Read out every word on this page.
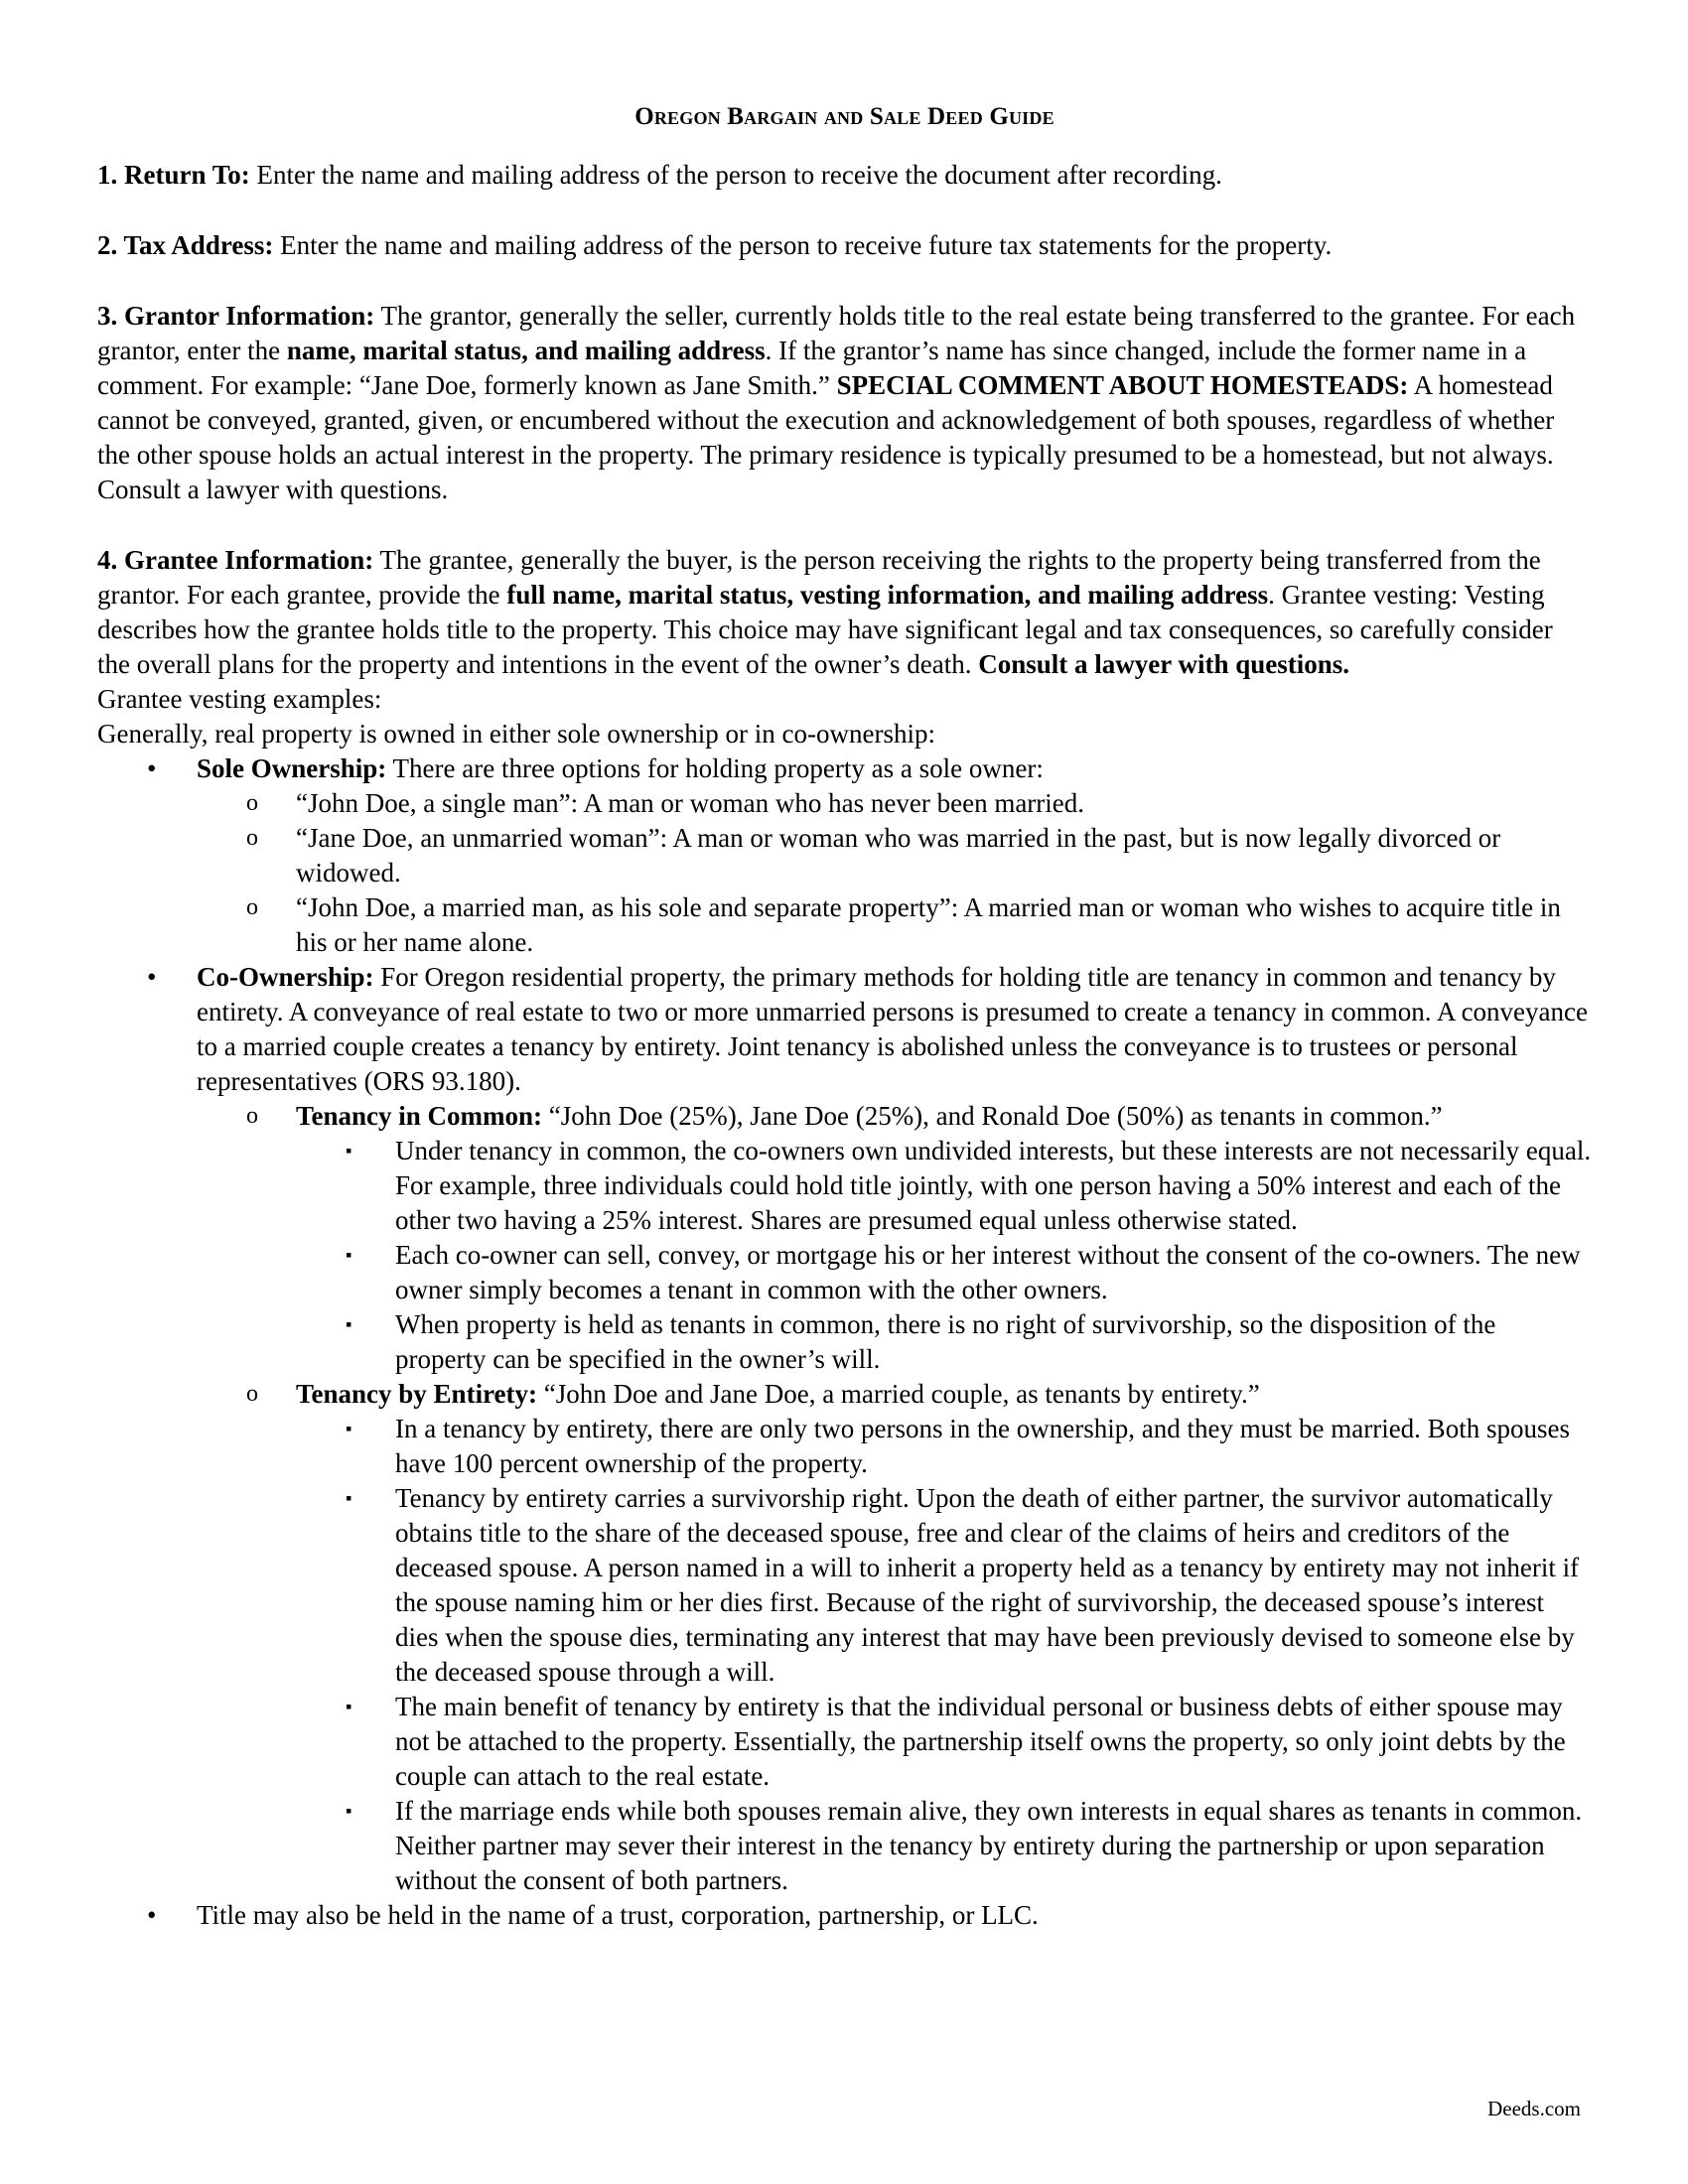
Oregon Bargain and Sale Deed Guide

1. Return To: Enter the name and mailing address of the person to receive the document after recording.

2. Tax Address: Enter the name and mailing address of the person to receive future tax statements for the property.

3. Grantor Information: The grantor, generally the seller, currently holds title to the real estate being transferred to the grantee. For each grantor, enter the name, marital status, and mailing address. If the grantor’s name has since changed, include the former name in a comment. For example: “Jane Doe, formerly known as Jane Smith.” SPECIAL COMMENT ABOUT HOMESTEADS: A homestead cannot be conveyed, granted, given, or encumbered without the execution and acknowledgement of both spouses, regardless of whether the other spouse holds an actual interest in the property. The primary residence is typically presumed to be a homestead, but not always. Consult a lawyer with questions.

4. Grantee Information: The grantee, generally the buyer, is the person receiving the rights to the property being transferred from the grantor. For each grantee, provide the full name, marital status, vesting information, and mailing address. Grantee vesting: Vesting describes how the grantee holds title to the property. This choice may have significant legal and tax consequences, so carefully consider the overall plans for the property and intentions in the event of the owner’s death. Consult a lawyer with questions.

Grantee vesting examples:

Generally, real property is owned in either sole ownership or in co-ownership:

•	Sole Ownership: There are three options for holding property as a sole owner:
o	“John Doe, a single man”: A man or woman who has never been married.
o	“Jane Doe, an unmarried woman”: A man or woman who was married in the past, but is now legally divorced or widowed.
o	“John Doe, a married man, as his sole and separate property”: A married man or woman who wishes to acquire title in his or her name alone.
•	Co-Ownership: For Oregon residential property, the primary methods for holding title are tenancy in common and tenancy by entirety. A conveyance of real estate to two or more unmarried persons is presumed to create a tenancy in common. A conveyance to a married couple creates a tenancy by entirety. Joint tenancy is abolished unless the conveyance is to trustees or personal representatives (ORS 93.180).
o	Tenancy in Common: “John Doe (25%), Jane Doe (25%), and Ronald Doe (50%) as tenants in common.”
▪	Under tenancy in common, the co-owners own undivided interests, but these interests are not necessarily equal. For example, three individuals could hold title jointly, with one person having a 50% interest and each of the other two having a 25% interest. Shares are presumed equal unless otherwise stated.
▪	Each co-owner can sell, convey, or mortgage his or her interest without the consent of the co-owners. The new owner simply becomes a tenant in common with the other owners.
▪	When property is held as tenants in common, there is no right of survivorship, so the disposition of the property can be specified in the owner’s will.
o	Tenancy by Entirety: “John Doe and Jane Doe, a married couple, as tenants by entirety.”
▪	In a tenancy by entirety, there are only two persons in the ownership, and they must be married. Both spouses have 100 percent ownership of the property.
▪	Tenancy by entirety carries a survivorship right. Upon the death of either partner, the survivor automatically obtains title to the share of the deceased spouse, free and clear of the claims of heirs and creditors of the deceased spouse. A person named in a will to inherit a property held as a tenancy by entirety may not inherit if the spouse naming him or her dies first. Because of the right of survivorship, the deceased spouse’s interest dies when the spouse dies, terminating any interest that may have been previously devised to someone else by the deceased spouse through a will.
▪	The main benefit of tenancy by entirety is that the individual personal or business debts of either spouse may not be attached to the property. Essentially, the partnership itself owns the property, so only joint debts by the couple can attach to the real estate.
▪	If the marriage ends while both spouses remain alive, they own interests in equal shares as tenants in common. Neither partner may sever their interest in the tenancy by entirety during the partnership or upon separation without the consent of both partners.
•	Title may also be held in the name of a trust, corporation, partnership, or LLC.
Deeds.com
